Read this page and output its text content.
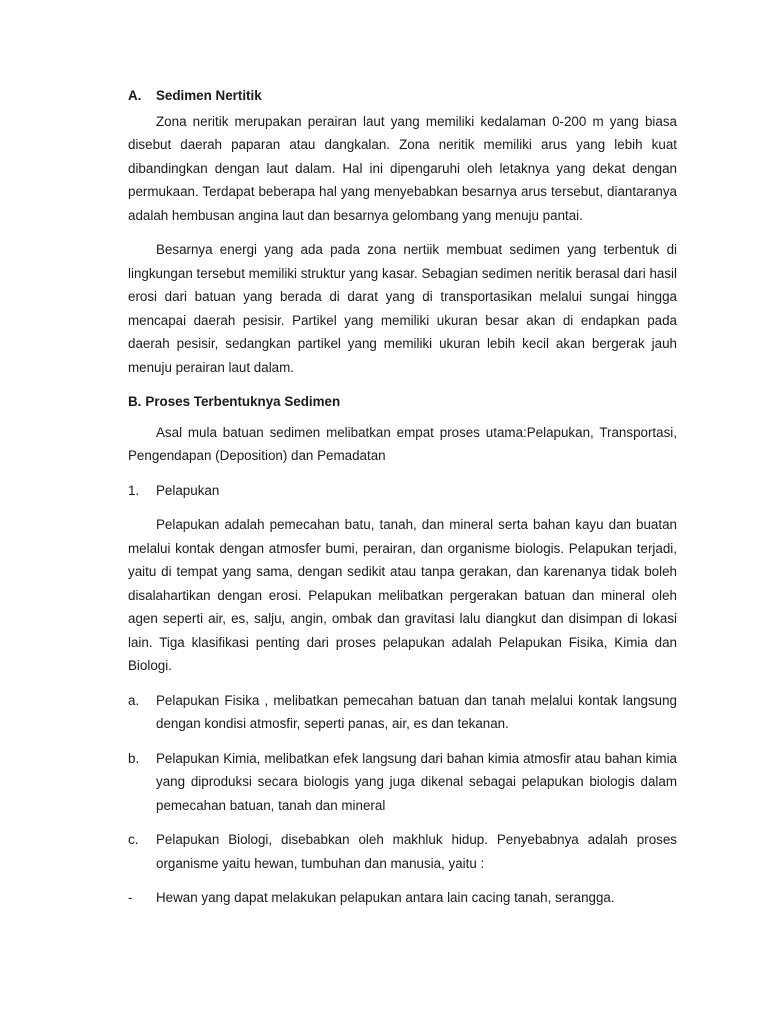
A.	Sedimen Nertitik

Zona neritik merupakan perairan laut yang memiliki kedalaman 0-200 m yang biasa disebut daerah paparan atau dangkalan. Zona neritik memiliki arus yang lebih kuat dibandingkan dengan laut dalam. Hal ini dipengaruhi oleh letaknya yang dekat dengan permukaan. Terdapat beberapa hal yang menyebabkan besarnya arus tersebut, diantaranya adalah hembusan angina laut dan besarnya gelombang yang menuju pantai.

Besarnya energi yang ada pada zona nertiik membuat sedimen yang terbentuk di lingkungan tersebut memiliki struktur yang kasar. Sebagian sedimen neritik berasal dari hasil erosi dari batuan yang berada di darat yang di transportasikan melalui sungai hingga mencapai daerah pesisir. Partikel yang memiliki ukuran besar akan di endapkan pada daerah pesisir, sedangkan partikel yang memiliki ukuran lebih kecil akan bergerak jauh menuju perairan laut dalam.

B. Proses Terbentuknya Sedimen

Asal mula batuan sedimen melibatkan empat proses utama:Pelapukan, Transportasi, Pengendapan (Deposition) dan Pemadatan

1.	Pelapukan

Pelapukan adalah pemecahan batu, tanah, dan mineral serta bahan kayu dan buatan melalui kontak dengan atmosfer bumi, perairan, dan organisme biologis. Pelapukan terjadi, yaitu di tempat yang sama, dengan sedikit atau tanpa gerakan, dan karenanya tidak boleh disalahartikan dengan erosi. Pelapukan melibatkan pergerakan batuan dan mineral oleh agen seperti air, es, salju, angin, ombak dan gravitasi lalu diangkut dan disimpan di lokasi lain. Tiga klasifikasi penting dari proses pelapukan adalah Pelapukan Fisika, Kimia dan Biologi.

a.	Pelapukan Fisika , melibatkan pemecahan batuan dan tanah melalui kontak langsung dengan kondisi atmosfir, seperti panas, air, es dan tekanan.
b.	Pelapukan Kimia, melibatkan efek langsung dari bahan kimia atmosfir atau bahan kimia yang diproduksi secara biologis yang juga dikenal sebagai pelapukan biologis dalam pemecahan batuan, tanah dan mineral
c.	Pelapukan Biologi, disebabkan oleh makhluk hidup. Penyebabnya adalah proses organisme yaitu hewan, tumbuhan dan manusia, yaitu :
-	Hewan yang dapat melakukan pelapukan antara lain cacing tanah, serangga.
